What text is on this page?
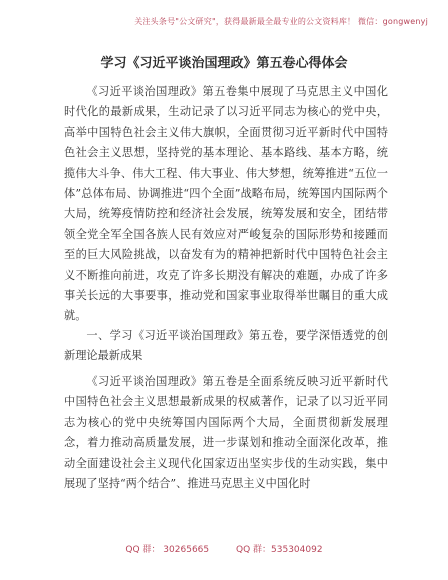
关注头条号"公文研究"，获得最新最全最专业的公文资料库！ 微信：gongwenyj
学习《习近平谈治国理政》第五卷心得体会

《习近平谈治国理政》第五卷集中展现了马克思主义中国化时代化的最新成果，生动记录了以习近平同志为核心的党中央，高举中国特色社会主义伟大旗帜，全面贯彻习近平新时代中国特色社会主义思想，坚持党的基本理论、基本路线、基本方略，统揽伟大斗争、伟大工程、伟大事业、伟大梦想，统筹推进“五位一体”总体布局、协调推进“四个全面”战略布局，统筹国内国际两个大局，统筹疫情防控和经济社会发展，统筹发展和安全，团结带领全党全军全国各族人民有效应对严峻复杂的国际形势和接踵而至的巨大风险挑战，以奋发有为的精神把新时代中国特色社会主义不断推向前进，攻克了许多长期没有解决的难题，办成了许多事关长远的大事要事，推动党和国家事业取得举世瞩目的重大成就。

一、学习《习近平谈治国理政》第五卷，要学深悟透党的创新理论最新成果

《习近平谈治国理政》第五卷是全面系统反映习近平新时代中国特色社会主义思想最新成果的权威著作，记录了以习近平同志为核心的党中央统筹国内国际两个大局，全面贯彻新发展理念，着力推动高质量发展，进一步谋划和推动全面深化改革，推动全面建设社会主义现代化国家迈出坚实步伐的生动实践，集中展现了坚持“两个结合”、推进马克思主义中国化时

QQ 群： 30265665	QQ 群：535304092
